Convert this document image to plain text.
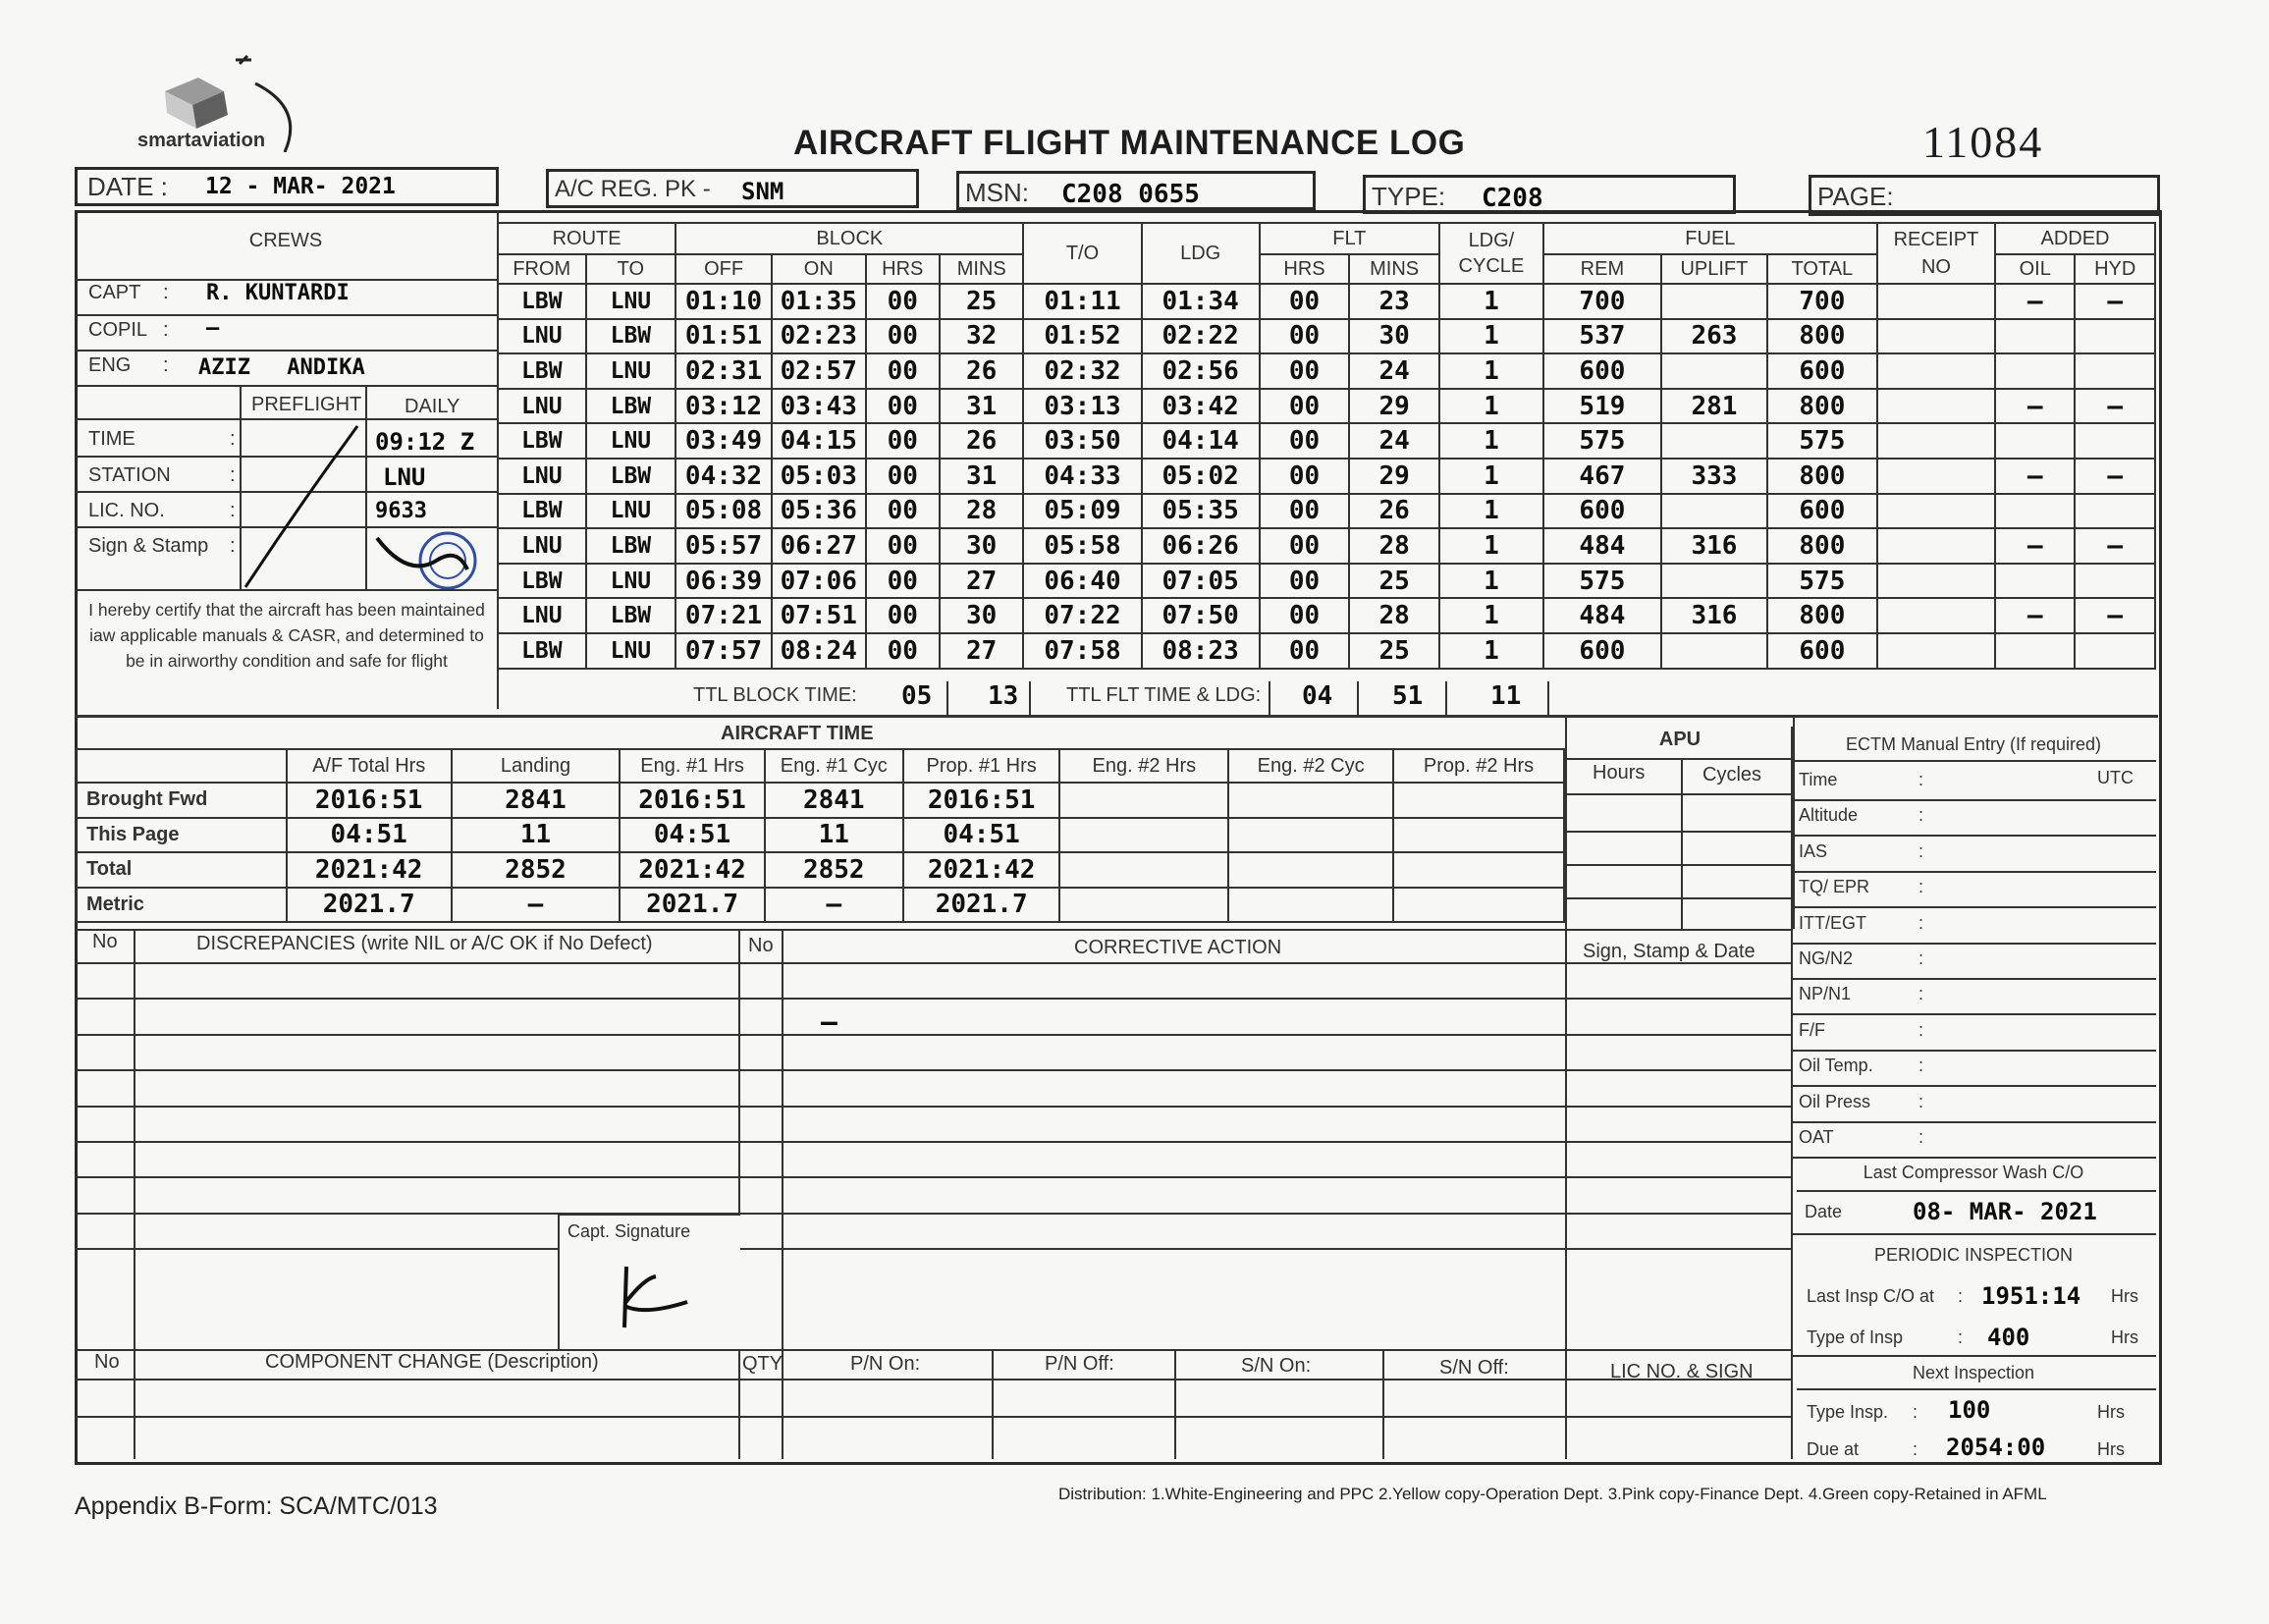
smartaviation	AIRCRAFT FLIGHT MAINTENANCE LOG	11084
DATE : 12 - MAR- 2021	A/C REG. PK - SNM	MSN: C208 0655	TYPE: C208	PAGE:
CREWS
CAPT : R. KUNTARDI
COPIL : —
ENG : AZIZ ANDIKA
PREFLIGHT DAILY
TIME	:	09:12 Z
STATION	:	LNU
LIC. NO.	:	9633
Sign & Stamp :
I hereby certify that the aircraft has been maintained iaw applicable manuals & CASR, and determined to be in airworthy condition and safe for flight
ROUTE		BLOCK				T/O	LDG	FLT		LDG/ CYCLE	FUEL			RECEIPT NO	ADDED	
FROM	TO	OFF	ON	HRS	MINS			HRS	MINS		REM	UPLIFT	TOTAL		OIL	HYD
LBW	LNU	01:10	01:35	00	25	01:11	01:34	00	23	1	700		700		–	–
LNU	LBW	01:51	02:23	00	32	01:52	02:22	00	30	1	537	263	800			
LBW	LNU	02:31	02:57	00	26	02:32	02:56	00	24	1	600		600			
LNU	LBW	03:12	03:43	00	31	03:13	03:42	00	29	1	519	281	800		–	–
LBW	LNU	03:49	04:15	00	26	03:50	04:14	00	24	1	575		575			
LNU	LBW	04:32	05:03	00	31	04:33	05:02	00	29	1	467	333	800		–	–
LBW	LNU	05:08	05:36	00	28	05:09	05:35	00	26	1	600		600			
LNU	LBW	05:57	06:27	00	30	05:58	06:26	00	28	1	484	316	800		–	–
LBW	LNU	06:39	07:06	00	27	06:40	07:05	00	25	1	575		575			
LNU	LBW	07:21	07:51	00	30	07:22	07:50	00	28	1	484	316	800		–	–
LBW	LNU	07:57	08:24	00	27	07:58	08:23	00	25	1	600		600			
TTL BLOCK TIME: 05 13 TTL FLT TIME & LDG: 04 51	11
AIRCRAFT TIME
	A/F Total Hrs	Landing	Eng. #1 Hrs	Eng. #1 Cyc	Prop. #1 Hrs	Eng. #2 Hrs	Eng. #2 Cyc	Prop. #2 Hrs
Brought Fwd	2016:51	2841	2016:51	2841	2016:51			
This Page	04:51	11	04:51	11	04:51			
Total	2021:42	2852	2021:42	2852	2021:42			
Metric	2021.7	—	2021.7	—	2021.7			
APU
Hours	Cycles
ECTM Manual Entry (If required)
Time	:
Altitude	:
IAS	:
TQ/ EPR	:
ITT/EGT	:
NG/N2	:
NP/N1	:
F/F	:
Oil Temp.	:
Oil Press	:
OAT	:
UTC
Last Compressor Wash C/O
Date	08- MAR- 2021
PERIODIC INSPECTION
Last Insp C/O at : 1951:14 Hrs
Type of Insp	: 400	Hrs
Next Inspection
Type Insp. : 100	Hrs
Due at	: 2054:00	Hrs
No	DISCREPANCIES (write NIL or A/C OK if No Defect)	No	CORRECTIVE ACTION	Sign, Stamp & Date
—
Capt. Signature
No	COMPONENT CHANGE (Description)	QTY	P/N On:	P/N Off:	S/N On:	S/N Off:	LIC NO. & SIGN
Appendix B-Form: SCA/MTC/013	Distribution: 1.White-Engineering and PPC 2.Yellow copy-Operation Dept. 3.Pink copy-Finance Dept. 4.Green copy-Retained in AFML
